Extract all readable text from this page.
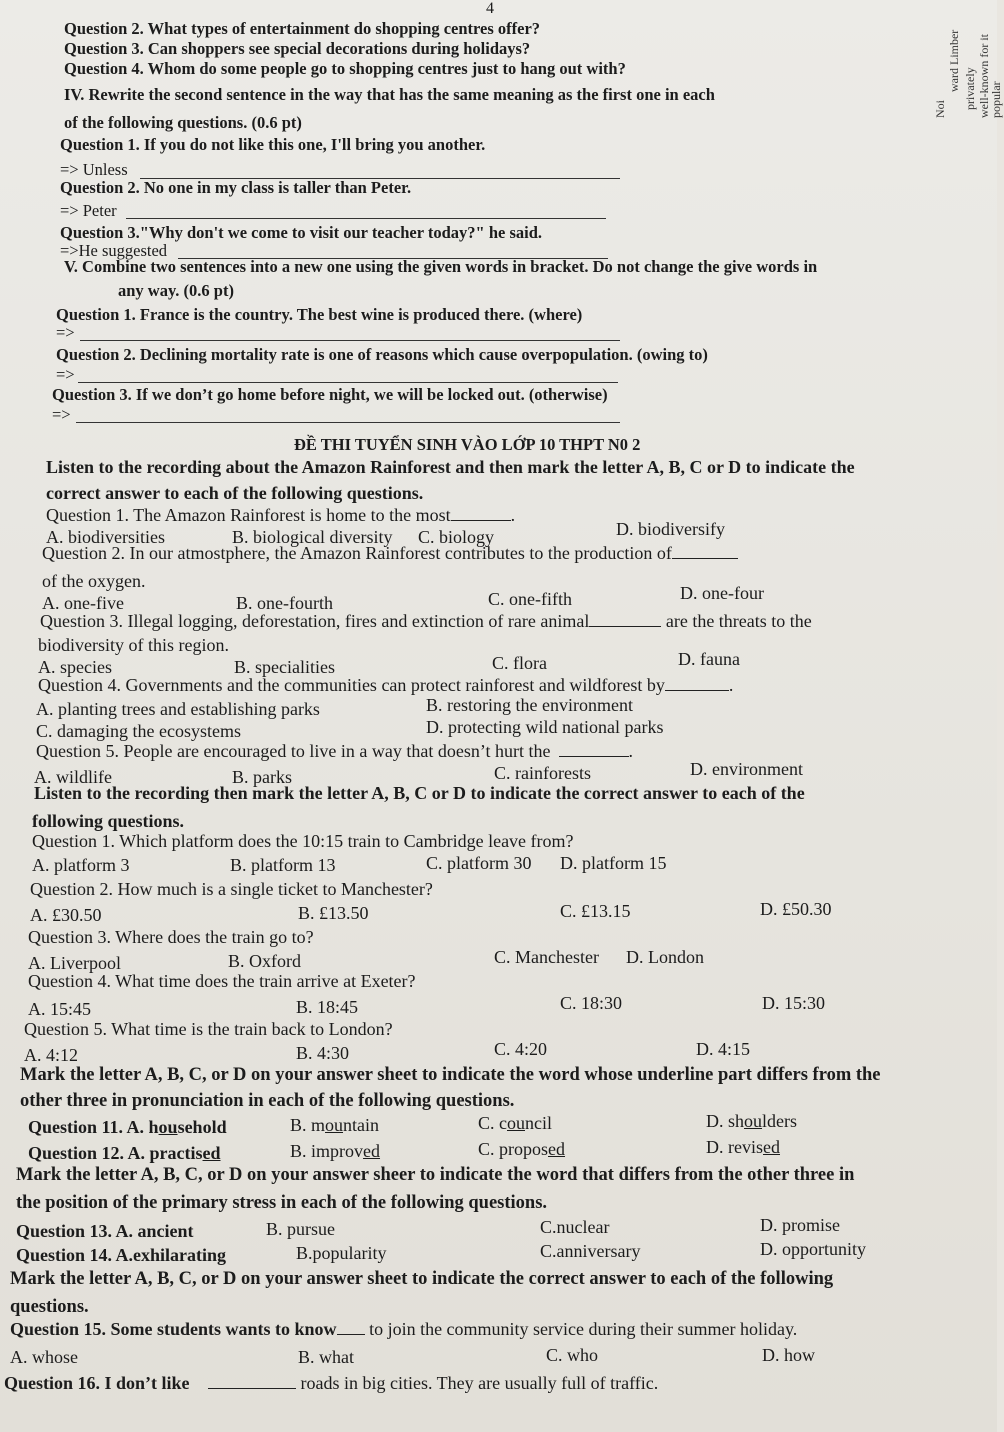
4
ward Limber privately well-known for it
popular
Noi
Question 2. What types of entertainment do shopping centres offer?
Question 3. Can shoppers see special decorations during holidays?
Question 4. Whom do some people go to shopping centres just to hang out with?
IV. Rewrite the second sentence in the way that has the same meaning as the first one in each
of the following questions. (0.6 pt)
Question 1. If you do not like this one, I'll bring you another.
=> Unless
Question 2. No one in my class is taller than Peter.
=> Peter
Question 3."Why don't we come to visit our teacher today?" he said.
=>He suggested
V. Combine two sentences into a new one using the given words in bracket. Do not change the give words in
any way. (0.6 pt)
Question 1. France is the country. The best wine is produced there. (where)
=>
Question 2. Declining mortality rate is one of reasons which cause overpopulation. (owing to)
=>
Question 3. If we don’t go home before night, we will be locked out. (otherwise)
=>
ĐỀ THI TUYỂN SINH VÀO LỚP 10 THPT N0 2
Listen to the recording about the Amazon Rainforest and then mark the letter A, B, C or D to indicate the
correct answer to each of the following questions.
Question 1. The Amazon Rainforest is home to the most	.
A. biodiversities	B. biological diversity C. biology	D. biodiversify
Question 2. In our atmostphere, the Amazon Rainforest contributes to the production of
of the oxygen.
A. one-five	B. one-fourth	C. one-fifth	D. one-four
Question 3. Illegal logging, deforestation, fires and extinction of rare animal	are the threats to the
biodiversity of this region.
A. species	B. specialities	C. flora	D. fauna
Question 4. Governments and the communities can protect rainforest and wildforest by	.
A. planting trees and establishing parks	B. restoring the environment
C. damaging the ecosystems	D. protecting wild national parks
Question 5. People are encouraged to live in a way that doesn’t hurt the	.
A. wildlife	B. parks	C. rainforests	D. environment
Listen to the recording then mark the letter A, B, C or D to indicate the correct answer to each of the
following questions.
Question 1. Which platform does the 10:15 train to Cambridge leave from?
A. platform 3	B. platform 13	C. platform 30 D. platform 15
Question 2. How much is a single ticket to Manchester?
A. £30.50	B. £13.50	C. £13.15	D. £50.30
Question 3. Where does the train go to?
A. Liverpool	B. Oxford	C. Manchester D. London
Question 4. What time does the train arrive at Exeter?
A. 15:45	B. 18:45	C. 18:30	D. 15:30
Question 5. What time is the train back to London?
A. 4:12	B. 4:30	C. 4:20	D. 4:15
Mark the letter A, B, C, or D on your answer sheet to indicate the word whose underline part differs from the
other three in pronunciation in each of the following questions.
Question 11. A. household	B. mountain	C. council	D. shoulders
Question 12. A. practised	B. improved	C. proposed	D. revised
Mark the letter A, B, C, or D on your answer sheer to indicate the word that differs from the other three in
the position of the primary stress in each of the following questions.
Question 13. A. ancient	B. pursue	C.nuclear	D. promise
Question 14. A.exhilarating	B.popularity	C.anniversary	D. opportunity
Mark the letter A, B, C, or D on your answer sheet to indicate the correct answer to each of the following
questions.
Question 15. Some students wants to know to join the community service during their summer holiday.
A. whose	B. what	C. who	D. how
Question 16. I don’t like	roads in big cities. They are usually full of traffic.
